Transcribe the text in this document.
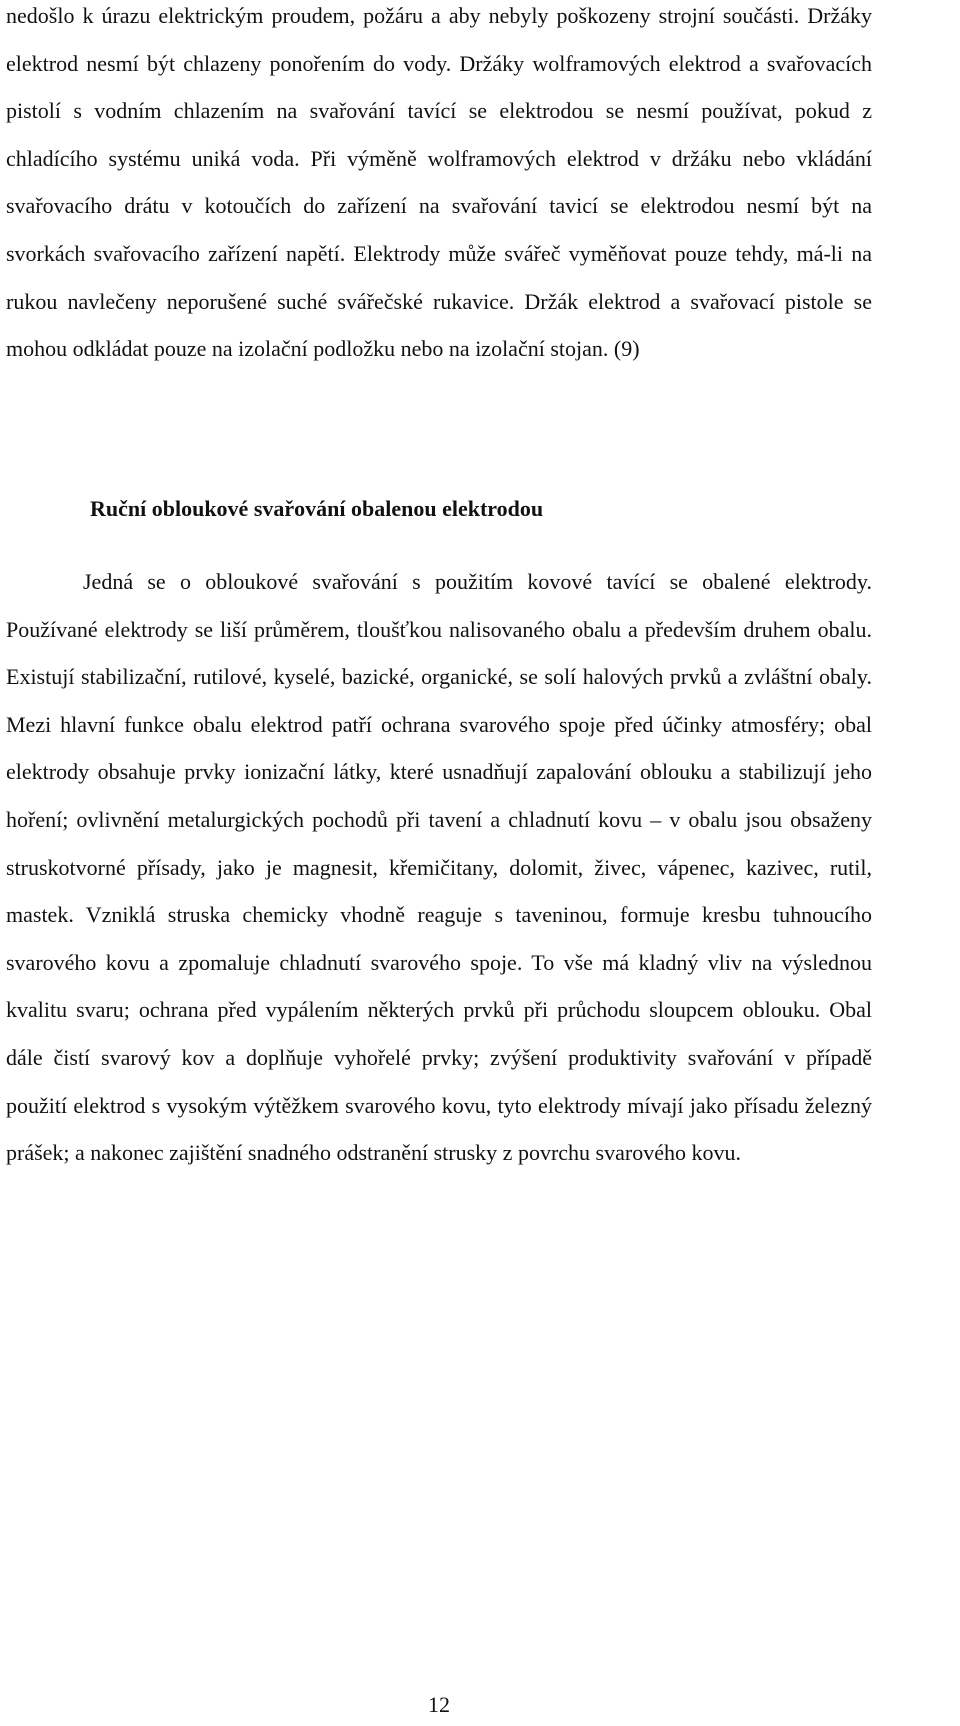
nedošlo k úrazu elektrickým proudem, požáru a aby nebyly poškozeny strojní součásti. Držáky elektrod nesmí být chlazeny ponořením do vody. Držáky wolframových elektrod a svařovacích pistolí s vodním chlazením na svařování tavící se elektrodou se nesmí používat, pokud z chladícího systému uniká voda. Při výměně wolframových elektrod v držáku nebo vkládání svařovacího drátu v kotoučích do zařízení na svařování tavicí se elektrodou nesmí být na svorkách svařovacího zařízení napětí. Elektrody může svářeč vyměňovat pouze tehdy, má-li na rukou navlečeny neporušené suché svářečské rukavice. Držák elektrod a svařovací pistole se mohou odkládat pouze na izolační podložku nebo na izolační stojan. (9)

Ruční obloukové svařování obalenou elektrodou

Jedná se o obloukové svařování s použitím kovové tavící se obalené elektrody. Používané elektrody se liší průměrem, tloušťkou nalisovaného obalu a především druhem obalu. Existují stabilizační, rutilové, kyselé, bazické, organické, se solí halových prvků a zvláštní obaly. Mezi hlavní funkce obalu elektrod patří ochrana svarového spoje před účinky atmosféry; obal elektrody obsahuje prvky ionizační látky, které usnadňují zapalování oblouku a stabilizují jeho hoření; ovlivnění metalurgických pochodů při tavení a chladnutí kovu – v obalu jsou obsaženy struskotvorné přísady, jako je magnesit, křemičitany, dolomit, živec, vápenec, kazivec, rutil, mastek. Vzniklá struska chemicky vhodně reaguje s taveninou, formuje kresbu tuhnoucího svarového kovu a zpomaluje chladnutí svarového spoje. To vše má kladný vliv na výslednou kvalitu svaru; ochrana před vypálením některých prvků při průchodu sloupcem oblouku. Obal dále čistí svarový kov a doplňuje vyhořelé prvky; zvýšení produktivity svařování v případě použití elektrod s vysokým výtěžkem svarového kovu, tyto elektrody mívají jako přísadu železný prášek; a nakonec zajištění snadného odstranění strusky z povrchu svarového kovu.

12
